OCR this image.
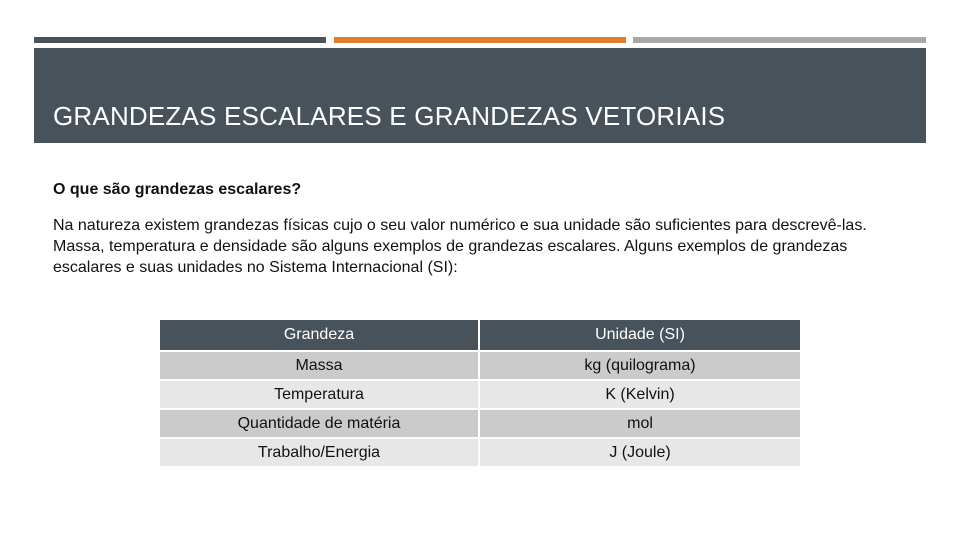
GRANDEZAS ESCALARES E GRANDEZAS VETORIAIS

O que são grandezas escalares?

Na natureza existem grandezas físicas cujo o seu valor numérico e sua unidade são suficientes para descrevê-las. Massa, temperatura e densidade são alguns exemplos de grandezas escalares. Alguns exemplos de grandezas escalares e suas unidades no Sistema Internacional (SI):

Grandeza	Unidade (SI)
Massa	kg (quilograma)
Temperatura	K (Kelvin)
Quantidade de matéria	mol
Trabalho/Energia	J (Joule)
